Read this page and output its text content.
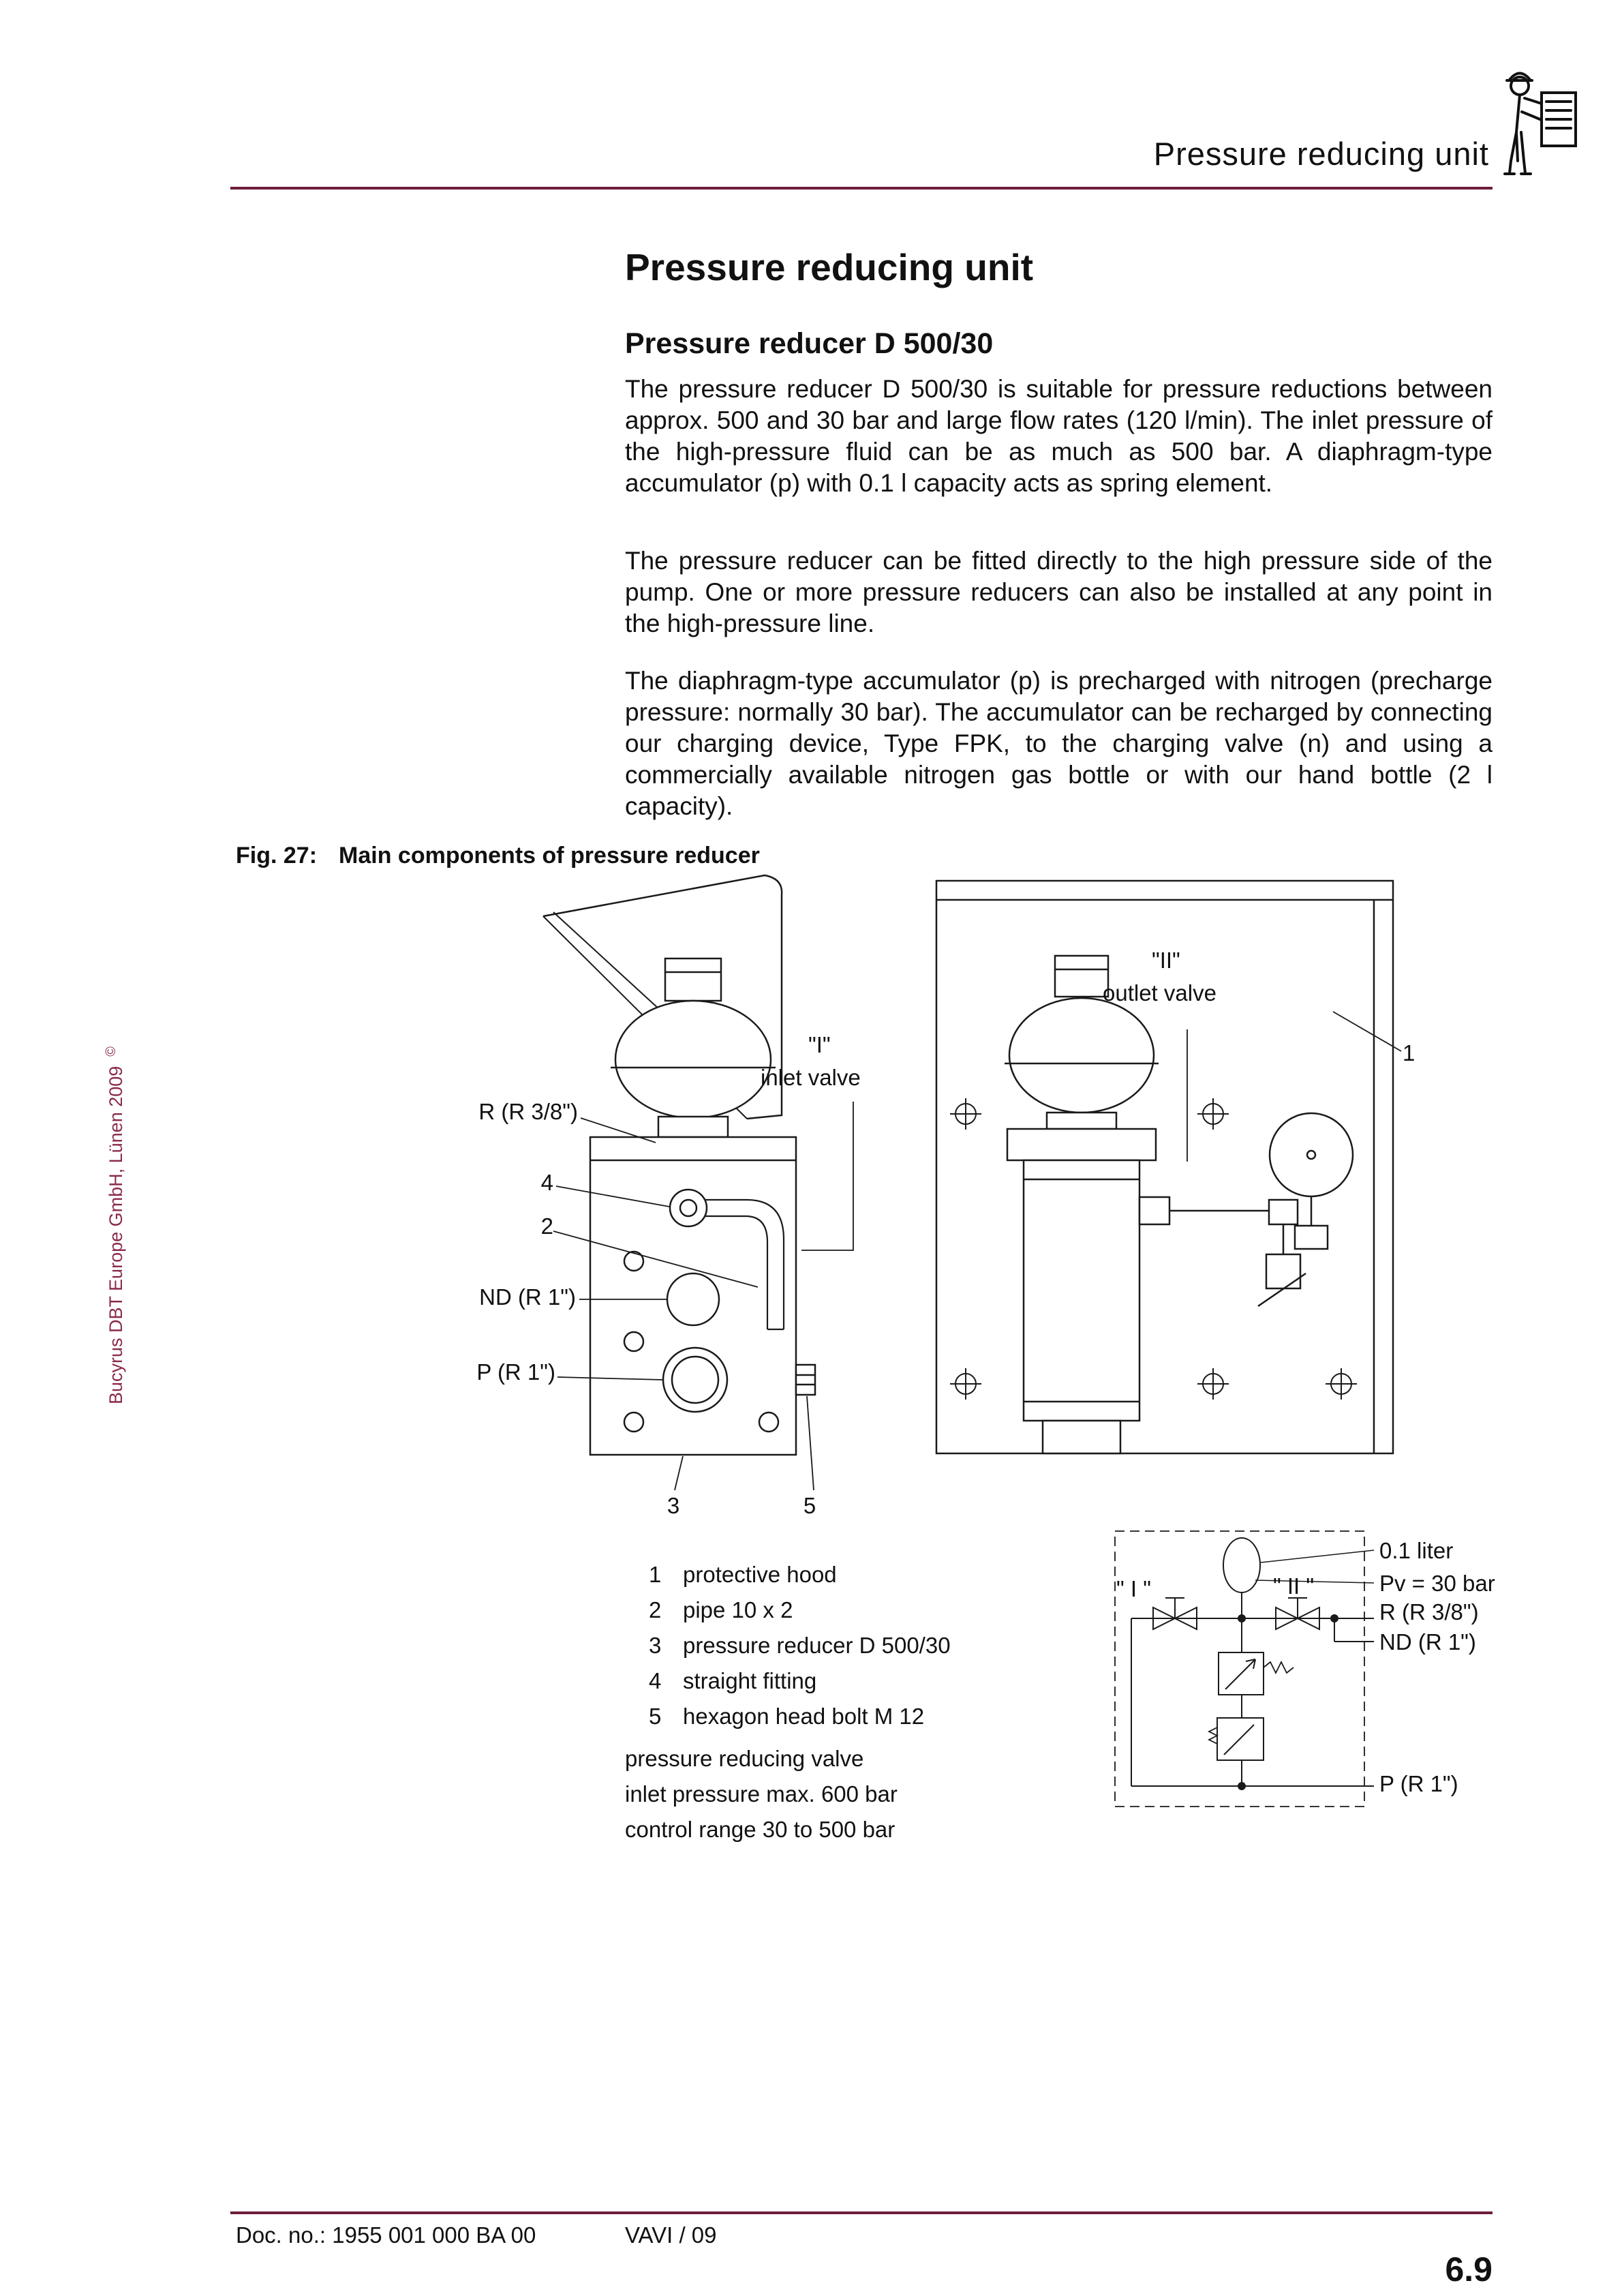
Pressure reducing unit
Bucyrus DBT Europe GmbH, Lünen 2009©
Pressure reducing unit
Pressure reducer D 500/30

The pressure reducer D 500/30 is suitable for pressure reductions between approx. 500 and 30 bar and large flow rates (120 l/min). The inlet pressure of the high-pressure fluid can be as much as 500 bar. A diaphragm-type accumulator (p) with 0.1 l capacity acts as spring element.

The pressure reducer can be fitted directly to the high pressure side of the pump. One or more pressure reducers can also be installed at any point in the high-pressure line.

The diaphragm-type accumulator (p) is precharged with nitrogen (precharge pressure: normally 30 bar). The accumulator can be recharged by connecting our charging device, Type FPK, to the charging valve (n) and using a commercially available nitrogen gas bottle or with our hand bottle (2 l capacity).

Fig. 27: Main components of pressure reducer
R (R 3/8")
4
2
ND (R 1")
P (R 1")
3	5
"I"
inlet valve
"II"
outlet valve
1
" I "	" II "
0.1 liter
Pv = 30 bar
R (R 3/8")
ND (R 1")
P (R 1")
1 protective hood
2 pipe 10 x 2
3 pressure reducer D 500/30
4 straight fitting
5 hexagon head bolt M 12
pressure reducing valve
inlet pressure max. 600 bar
control range 30 to 500 bar
Doc. no.: 1955 001 000 BA 00	VAVI / 09
6.9
